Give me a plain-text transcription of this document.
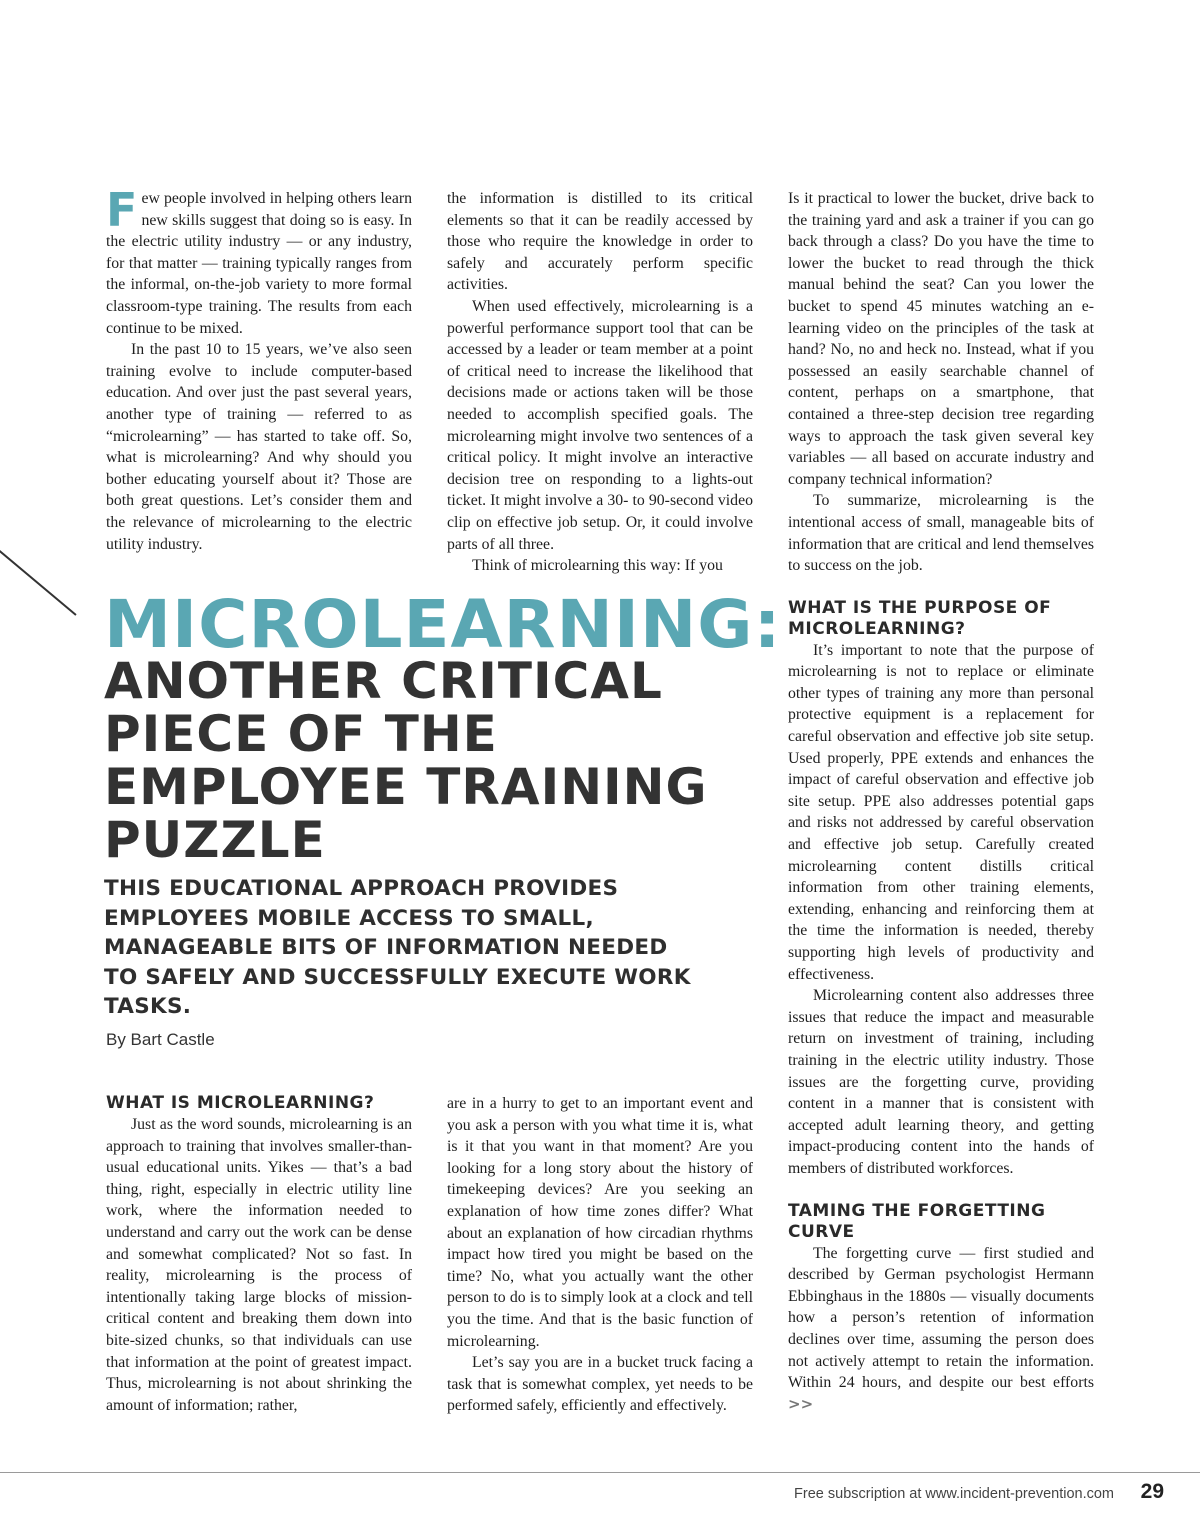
Few people involved in helping others learn new skills suggest that doing so is easy. In the electric utility industry — or any industry, for that matter — training typically ranges from the informal, on-the-job variety to more formal classroom-type training. The results from each continue to be mixed.

In the past 10 to 15 years, we’ve also seen training evolve to include computer-based education. And over just the past several years, another type of training — referred to as “microlearning” — has started to take off. So, what is microlearning? And why should you bother educating yourself about it? Those are both great questions. Let’s consider them and the relevance of microlearning to the electric utility industry.

the information is distilled to its critical elements so that it can be readily accessed by those who require the knowledge in order to safely and accurately perform specific activities.

When used effectively, microlearning is a powerful performance support tool that can be accessed by a leader or team member at a point of critical need to increase the likelihood that decisions made or actions taken will be those needed to accomplish specified goals. The microlearning might involve two sentences of a critical policy. It might involve an interactive decision tree on responding to a lights-out ticket. It might involve a 30- to 90-second video clip on effective job setup. Or, it could involve parts of all three.

Think of microlearning this way: If you

Is it practical to lower the bucket, drive back to the training yard and ask a trainer if you can go back through a class? Do you have the time to lower the bucket to read through the thick manual behind the seat? Can you lower the bucket to spend 45 minutes watching an e-learning video on the principles of the task at hand? No, no and heck no. Instead, what if you possessed an easily searchable channel of content, perhaps on a smartphone, that contained a three-step decision tree regarding ways to approach the task given several key variables — all based on accurate industry and company technical information?

To summarize, microlearning is the intentional access of small, manageable bits of information that are critical and lend themselves to success on the job.

WHAT IS THE PURPOSE OF MICROLEARNING?

It’s important to note that the purpose of microlearning is not to replace or eliminate other types of training any more than personal protective equipment is a replacement for careful observation and effective job site setup. Used properly, PPE extends and enhances the impact of careful observation and effective job site setup. PPE also addresses potential gaps and risks not addressed by careful observation and effective job setup. Carefully created microlearning content distills critical information from other training elements, extending, enhancing and reinforcing them at the time the information is needed, thereby supporting high levels of productivity and effectiveness.

Microlearning content also addresses three issues that reduce the impact and measurable return on investment of training, including training in the electric utility industry. Those issues are the forgetting curve, providing content in a manner that is consistent with accepted adult learning theory, and getting impact-producing content into the hands of members of distributed workforces.

TAMING THE FORGETTING CURVE

The forgetting curve — first studied and described by German psychologist Hermann Ebbinghaus in the 1880s — visually documents how a person’s retention of information declines over time, assuming the person does not actively attempt to retain the information. Within 24 hours, and despite our best efforts >>

MICROLEARNING:
ANOTHER CRITICAL PIECE OF THE EMPLOYEE TRAINING PUZZLE

THIS EDUCATIONAL APPROACH PROVIDES EMPLOYEES MOBILE ACCESS TO SMALL, MANAGEABLE BITS OF INFORMATION NEEDED TO SAFELY AND SUCCESSFULLY EXECUTE WORK TASKS.

By Bart Castle

WHAT IS MICROLEARNING?

Just as the word sounds, microlearning is an approach to training that involves smaller-than-usual educational units. Yikes — that’s a bad thing, right, especially in electric utility line work, where the information needed to understand and carry out the work can be dense and somewhat complicated? Not so fast. In reality, microlearning is the process of intentionally taking large blocks of mission-critical content and breaking them down into bite-sized chunks, so that individuals can use that information at the point of greatest impact. Thus, microlearning is not about shrinking the amount of information; rather,

are in a hurry to get to an important event and you ask a person with you what time it is, what is it that you want in that moment? Are you looking for a long story about the history of timekeeping devices? Are you seeking an explanation of how time zones differ? What about an explanation of how circadian rhythms impact how tired you might be based on the time? No, what you actually want the other person to do is to simply look at a clock and tell you the time. And that is the basic function of microlearning.

Let’s say you are in a bucket truck facing a task that is somewhat complex, yet needs to be performed safely, efficiently and effectively.

Free subscription at www.incident-prevention.com 29
